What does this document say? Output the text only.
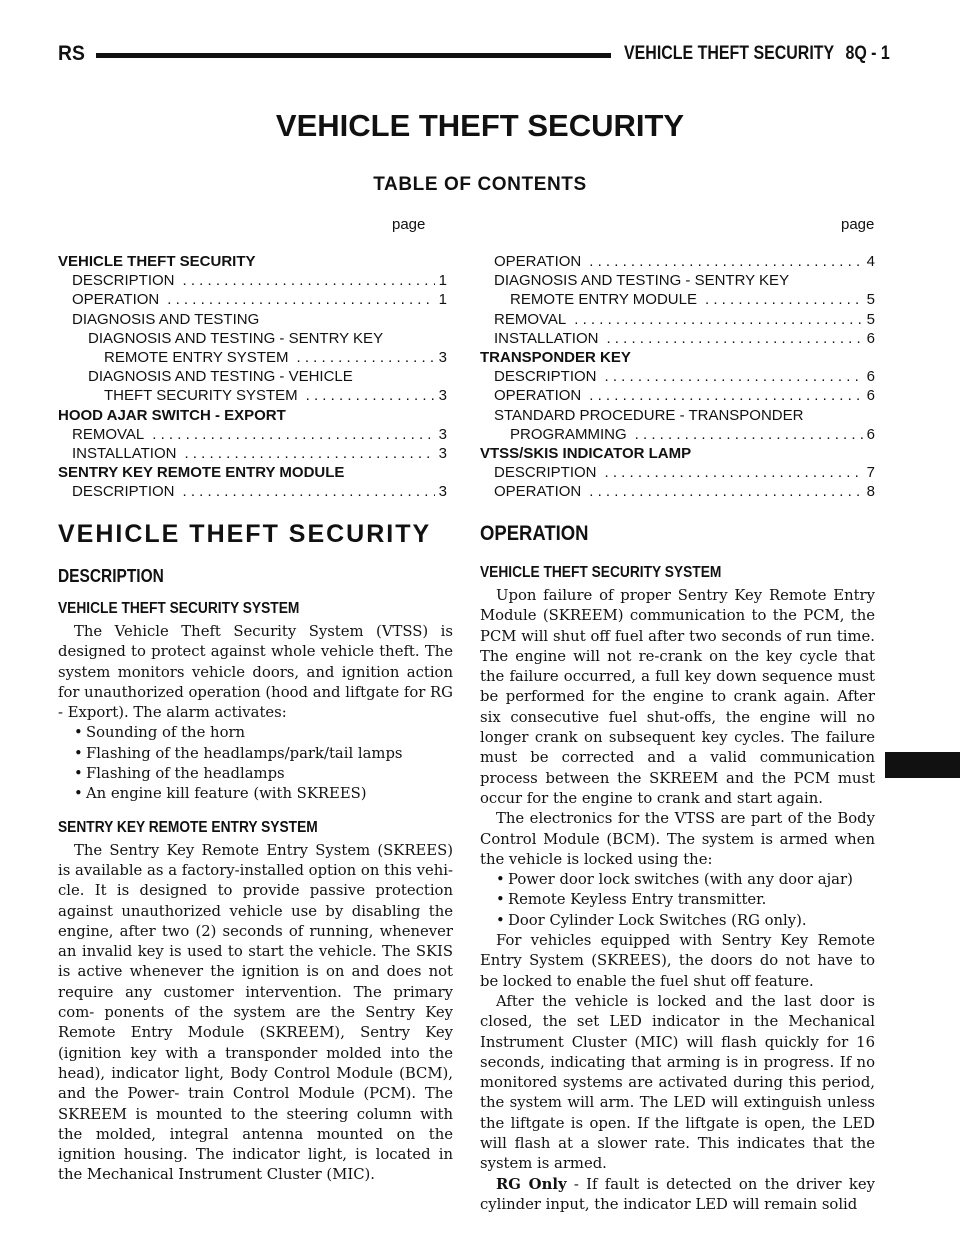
RS	VEHICLE THEFT SECURITY 8Q - 1
VEHICLE THEFT SECURITY
TABLE OF CONTENTS
page	page
VEHICLE THEFT SECURITY
DESCRIPTION . . .	1
OPERATION . . .	1
DIAGNOSIS AND TESTING
DIAGNOSIS AND TESTING - SENTRY KEY
REMOTE ENTRY SYSTEM . . .	3
DIAGNOSIS AND TESTING - VEHICLE
THEFT SECURITY SYSTEM . . .	3
HOOD AJAR SWITCH - EXPORT
REMOVAL . . .	3
INSTALLATION . . .	3
SENTRY KEY REMOTE ENTRY MODULE
DESCRIPTION . . .	3
OPERATION . . .	4
DIAGNOSIS AND TESTING - SENTRY KEY
REMOTE ENTRY MODULE . . .	5
REMOVAL . . .	5
INSTALLATION . . .	6
TRANSPONDER KEY
DESCRIPTION . . .	6
OPERATION . . .	6
STANDARD PROCEDURE - TRANSPONDER
PROGRAMMING . . .	6
VTSS/SKIS INDICATOR LAMP
DESCRIPTION . . .	7
OPERATION . . .	8
VEHICLE THEFT SECURITY
DESCRIPTION
VEHICLE THEFT SECURITY SYSTEM

The Vehicle Theft Security System (VTSS) is designed to protect against whole vehicle theft. The system monitors vehicle doors, and ignition action for unauthorized operation (hood and liftgate for RG - Export). The alarm activates:

• Sounding of the horn
• Flashing of the headlamps/park/tail lamps
• Flashing of the headlamps
• An engine kill feature (with SKREES)
SENTRY KEY REMOTE ENTRY SYSTEM

The Sentry Key Remote Entry System (SKREES) is available as a factory-installed option on this vehi- cle. It is designed to provide passive protection against unauthorized vehicle use by disabling the engine, after two (2) seconds of running, whenever an invalid key is used to start the vehicle. The SKIS is active whenever the ignition is on and does not require any customer intervention. The primary com- ponents of the system are the Sentry Key Remote Entry Module (SKREEM), Sentry Key (ignition key with a transponder molded into the head), indicator light, Body Control Module (BCM), and the Power- train Control Module (PCM). The SKREEM is mounted to the steering column with the molded, integral antenna mounted on the ignition housing. The indicator light, is located in the Mechanical Instrument Cluster (MIC).

OPERATION
VEHICLE THEFT SECURITY SYSTEM

Upon failure of proper Sentry Key Remote Entry Module (SKREEM) communication to the PCM, the PCM will shut off fuel after two seconds of run time. The engine will not re-crank on the key cycle that the failure occurred, a full key down sequence must be performed for the engine to crank again. After six consecutive fuel shut-offs, the engine will no longer crank on subsequent key cycles. The failure must be corrected and a valid communication process between the SKREEM and the PCM must occur for the engine to crank and start again.

The electronics for the VTSS are part of the Body Control Module (BCM). The system is armed when the vehicle is locked using the:

• Power door lock switches (with any door ajar)
• Remote Keyless Entry transmitter.
• Door Cylinder Lock Switches (RG only).

For vehicles equipped with Sentry Key Remote Entry System (SKREES), the doors do not have to be locked to enable the fuel shut off feature.

After the vehicle is locked and the last door is closed, the set LED indicator in the Mechanical Instrument Cluster (MIC) will flash quickly for 16 seconds, indicating that arming is in progress. If no monitored systems are activated during this period, the system will arm. The LED will extinguish unless the liftgate is open. If the liftgate is open, the LED will flash at a slower rate. This indicates that the system is armed.

RG Only - If fault is detected on the driver key cylinder input, the indicator LED will remain solid
